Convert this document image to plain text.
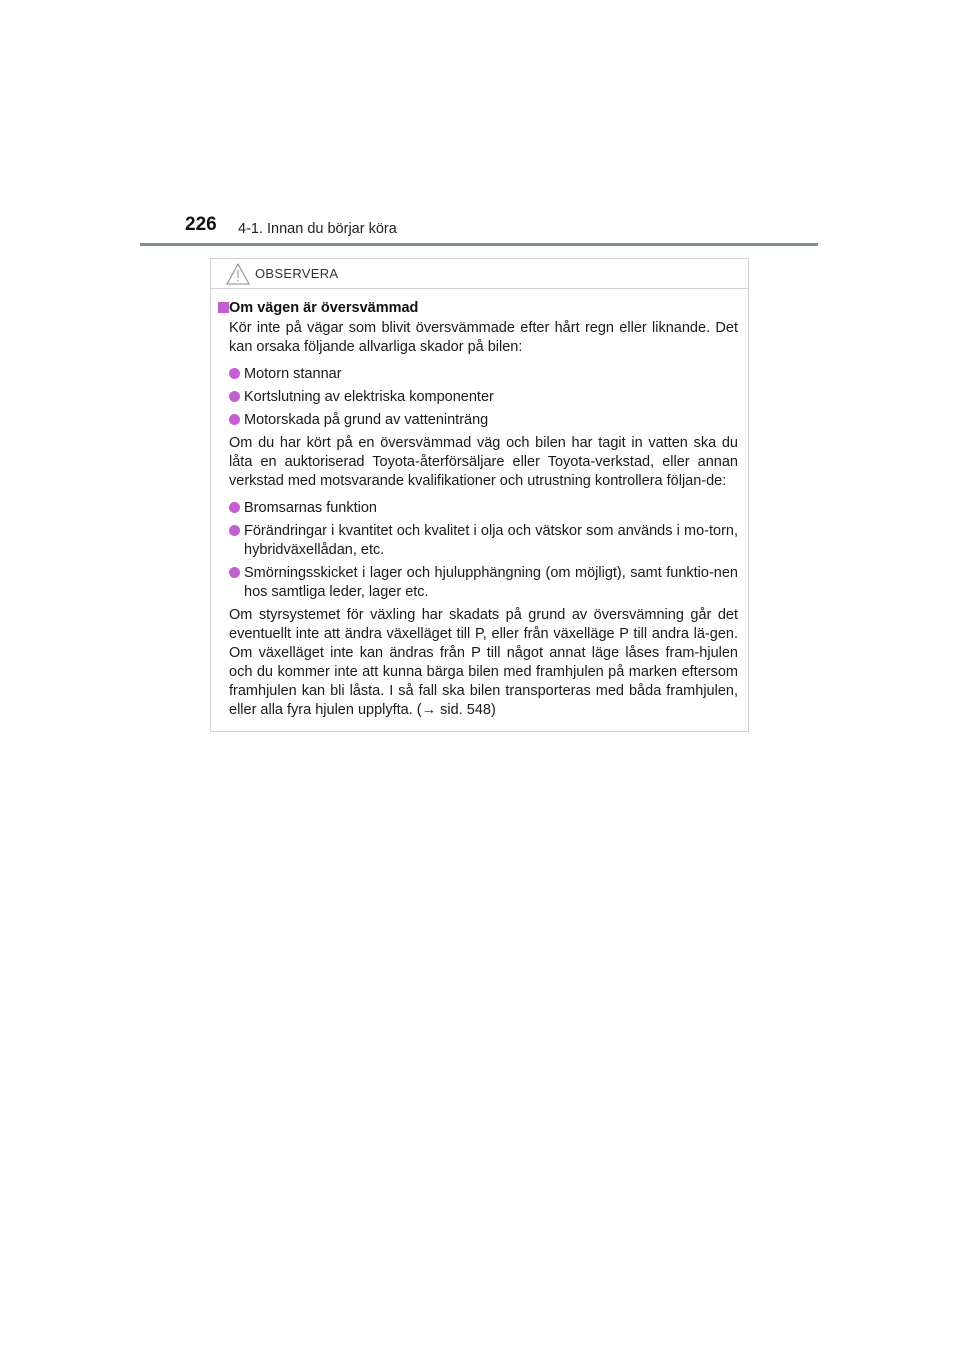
226 4-1. Innan du börjar köra
OBSERVERA
Om vägen är översvämmad

Kör inte på vägar som blivit översvämmade efter hårt regn eller liknande. Det kan orsaka följande allvarliga skador på bilen:

Motorn stannar
Kortslutning av elektriska komponenter
Motorskada på grund av vatteninträng

Om du har kört på en översvämmad väg och bilen har tagit in vatten ska du låta en auktoriserad Toyota-återförsäljare eller Toyota-verkstad, eller annan verkstad med motsvarande kvalifikationer och utrustning kontrollera följan-de:

Bromsarnas funktion
Förändringar i kvantitet och kvalitet i olja och vätskor som används i mo-torn, hybridväxellådan, etc.
Smörningsskicket i lager och hjulupphängning (om möjligt), samt funktio-nen hos samtliga leder, lager etc.

Om styrsystemet för växling har skadats på grund av översvämning går det eventuellt inte att ändra växelläget till P, eller från växelläge P till andra lä-gen. Om växelläget inte kan ändras från P till något annat läge låses fram-hjulen och du kommer inte att kunna bärga bilen med framhjulen på marken eftersom framhjulen kan bli låsta. I så fall ska bilen transporteras med båda framhjulen, eller alla fyra hjulen upplyfta. (→ sid. 548)
